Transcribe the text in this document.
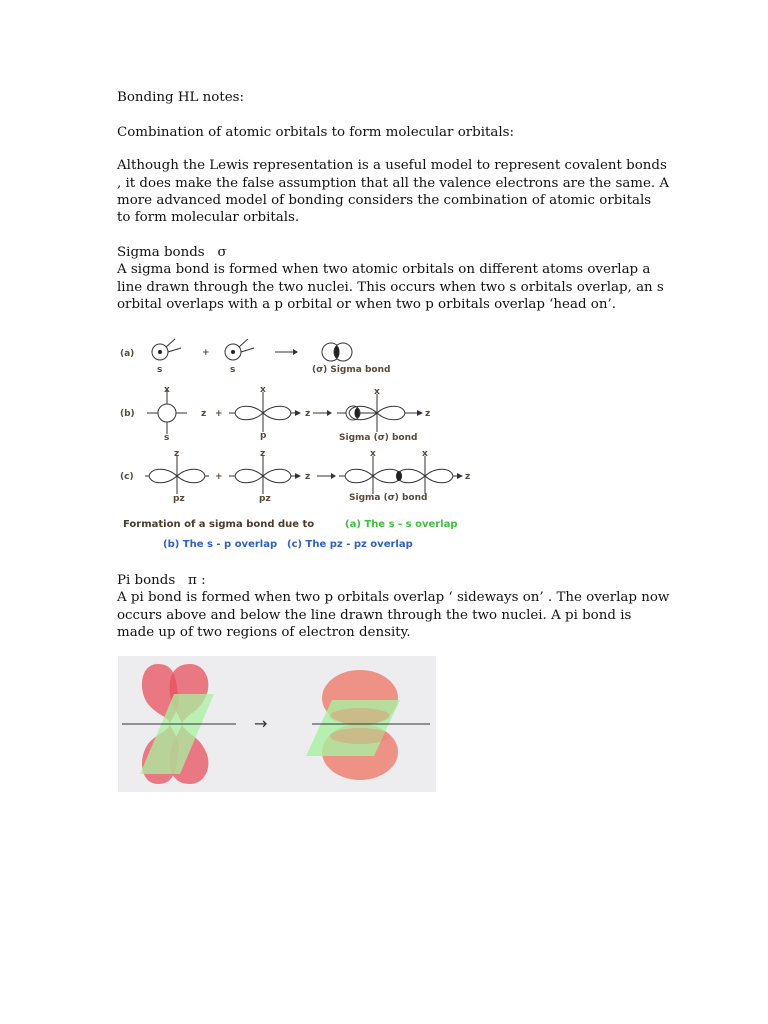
Bonding HL notes:

Combination of atomic orbitals to form molecular orbitals:

Although the Lewis representation is a useful model to represent covalent bonds

, it does make the false assumption that all the valence electrons are the same. A

more advanced model of bonding considers the combination of atomic orbitals

to form molecular orbitals.

Sigma bonds σ

A sigma bond is formed when two atomic orbitals on different atoms overlap a

line drawn through the two nuclei. This occurs when two s orbitals overlap, an s

orbital overlaps with a p orbital or when two p orbitals overlap ‘head on’.

(a)
s
+
s	(σ) Sigma bond
(b)
x
z
s
+
x
z
p
x
z
Sigma (σ) bond
(c)
z
pz
+
z
z
pz
x	x
z
Sigma (σ) bond
Formation of a sigma bond due to	(a) The s - s overlap
(b) The s - p overlap (c) The pz - pz overlap

Pi bonds π :

A pi bond is formed when two p orbitals overlap ‘ sideways on’ . The overlap now

occurs above and below the line drawn through the two nuclei. A pi bond is

made up of two regions of electron density.

→
